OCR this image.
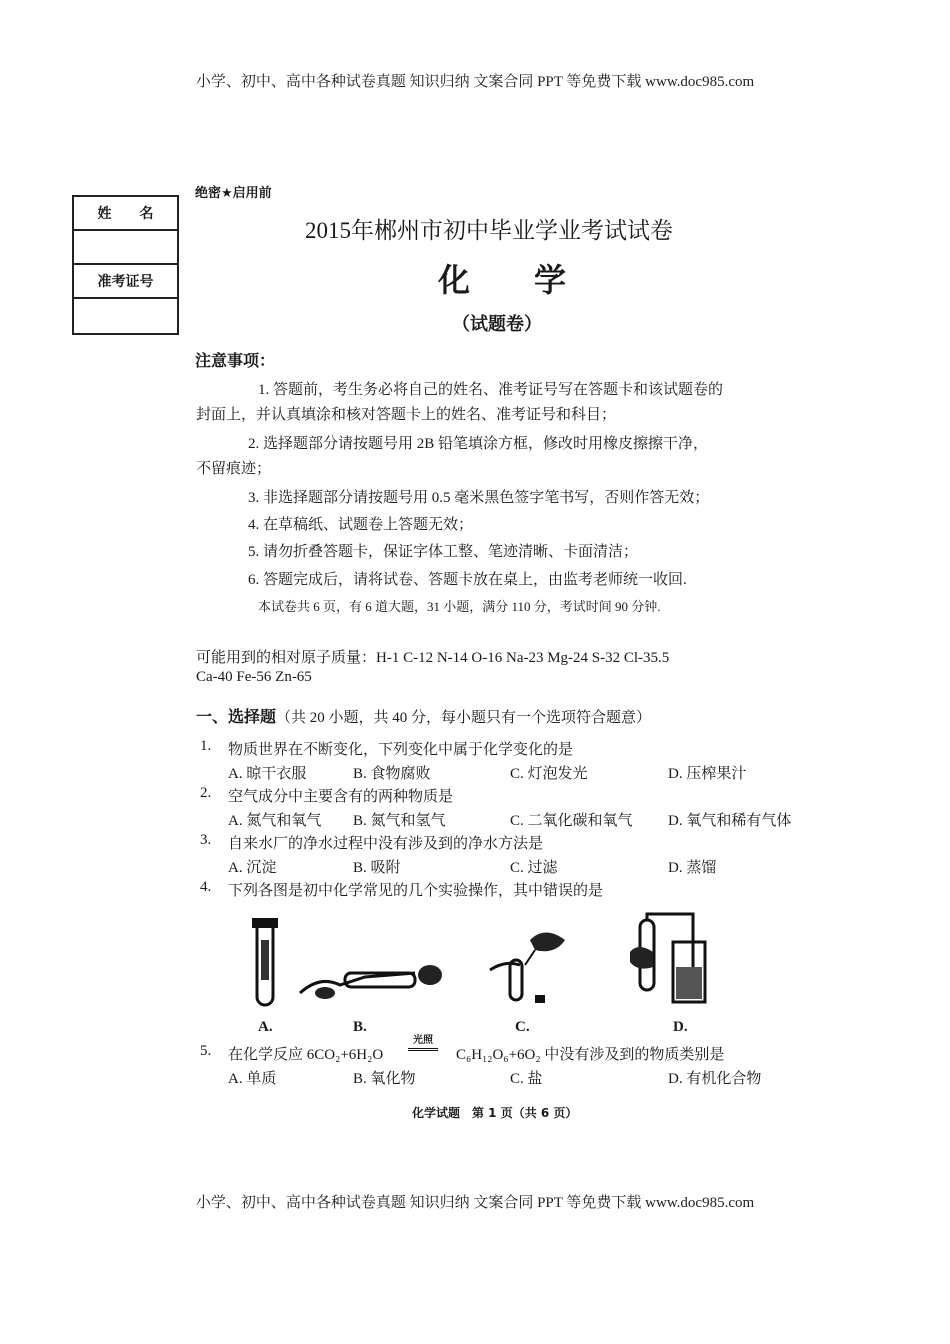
小学、初中、高中各种试卷真题 知识归纳 文案合同 PPT 等免费下载 www.doc985.com
绝密★启用前
姓　　名
准考证号
2015年郴州市初中毕业学业考试试卷
化　　学
（试题卷）
注意事项：
1. 答题前，考生务必将自己的姓名、准考证号写在答题卡和该试题卷的
封面上，并认真填涂和核对答题卡上的姓名、准考证号和科目；
2. 选择题部分请按题号用 2B 铅笔填涂方框，修改时用橡皮擦擦干净，
不留痕迹；
3. 非选择题部分请按题号用 0.5 毫米黑色签字笔书写，否则作答无效；
4. 在草稿纸、试题卷上答题无效；
5. 请勿折叠答题卡，保证字体工整、笔迹清晰、卡面清洁；
6. 答题完成后，请将试卷、答题卡放在桌上，由监考老师统一收回.
本试卷共 6 页，有 6 道大题，31 小题，满分 110 分，考试时间 90 分钟.
可能用到的相对原子质量：H-1 C-12 N-14 O-16 Na-23 Mg-24 S-32 Cl-35.5
Ca-40 Fe-56 Zn-65
一、选择题（共 20 小题，共 40 分，每小题只有一个选项符合题意）
1. 物质世界在不断变化，下列变化中属于化学变化的是
A. 晾干衣服	B. 食物腐败	C. 灯泡发光	D. 压榨果汁
2. 空气成分中主要含有的两种物质是
A. 氮气和氧气 B. 氮气和氢气	C. 二氧化碳和氧气 D. 氧气和稀有气体
3. 自来水厂的净水过程中没有涉及到的净水方法是
A. 沉淀	B. 吸附	C. 过滤	D. 蒸馏
4. 下列各图是初中化学常见的几个实验操作，其中错误的是
A.	B.	C.	D.
5. 在化学反应 6CO₂+6H₂O
光照
C₆H₁₂O₆+6O₂ 中没有涉及到的物质类别是
A. 单质	B. 氧化物	C. 盐	D. 有机化合物
化学试题　第 1 页（共 6 页）
小学、初中、高中各种试卷真题 知识归纳 文案合同 PPT 等免费下载 www.doc985.com
